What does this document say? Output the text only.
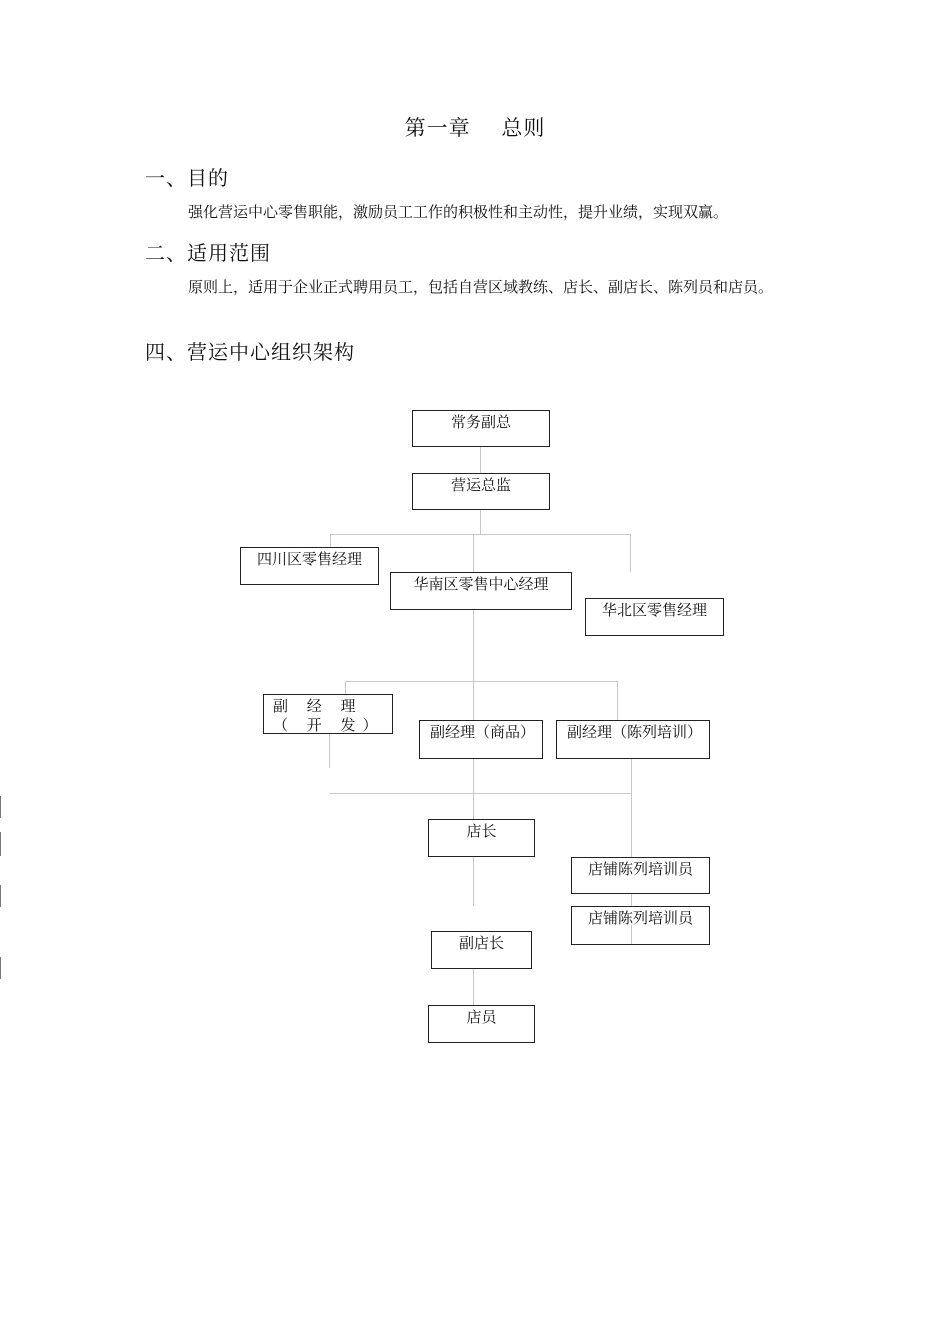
第一章    总则
一、目的
强化营运中心零售职能，激励员工工作的积极性和主动性，提升业绩，实现双赢。
二、适用范围
原则上，适用于企业正式聘用员工，包括自营区域教练、店长、副店长、陈列员和店员。
四、营运中心组织架构
常务副总
营运总监
四川区零售经理
华南区零售中心经理
华北区零售经理
副 经 理 （ 开 发）	副经理（商品）	副经理（陈列培训）
店长
店铺陈列培训员
店铺陈列培训员
副店长
店员
